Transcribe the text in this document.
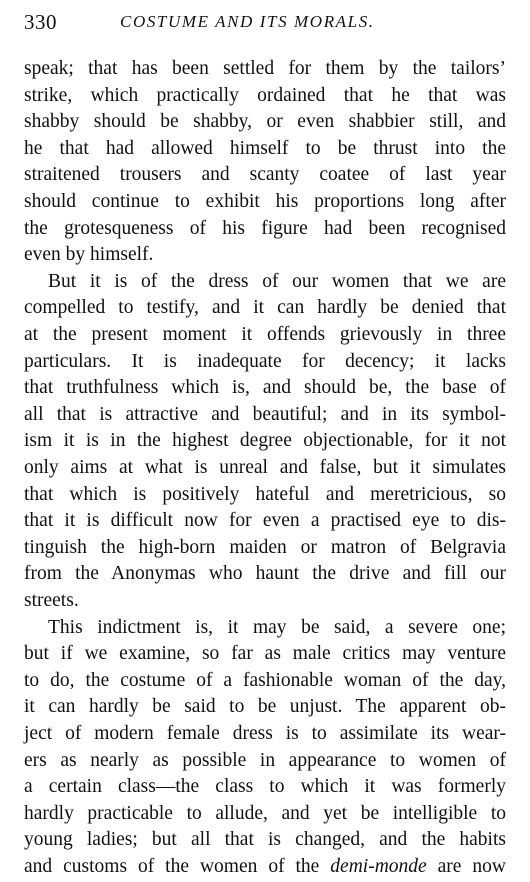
330	COSTUME AND ITS MORALS.
speak; that has been settled for them by the tailors’
strike, which practically ordained that he that was
shabby should be shabby, or even shabbier still, and
he that had allowed himself to be thrust into the
straitened trousers and scanty coatee of last year
should continue to exhibit his proportions long after
the grotesqueness of his figure had been recognised
even by himself.
But it is of the dress of our women that we are
compelled to testify, and it can hardly be denied that
at the present moment it offends grievously in three
particulars. It is inadequate for decency; it lacks
that truthfulness which is, and should be, the base of
all that is attractive and beautiful; and in its symbol-
ism it is in the highest degree objectionable, for it not
only aims at what is unreal and false, but it simulates
that which is positively hateful and meretricious, so
that it is difficult now for even a practised eye to dis-
tinguish the high-born maiden or matron of Belgravia
from the Anonymas who haunt the drive and fill our
streets.
This indictment is, it may be said, a severe one;
but if we examine, so far as male critics may venture
to do, the costume of a fashionable woman of the day,
it can hardly be said to be unjust. The apparent ob-
ject of modern female dress is to assimilate its wear-
ers as nearly as possible in appearance to women of
a certain class—the class to which it was formerly
hardly practicable to allude, and yet be intelligible to
young ladies; but all that is changed, and the habits
and customs of the women of the demi-monde are now
